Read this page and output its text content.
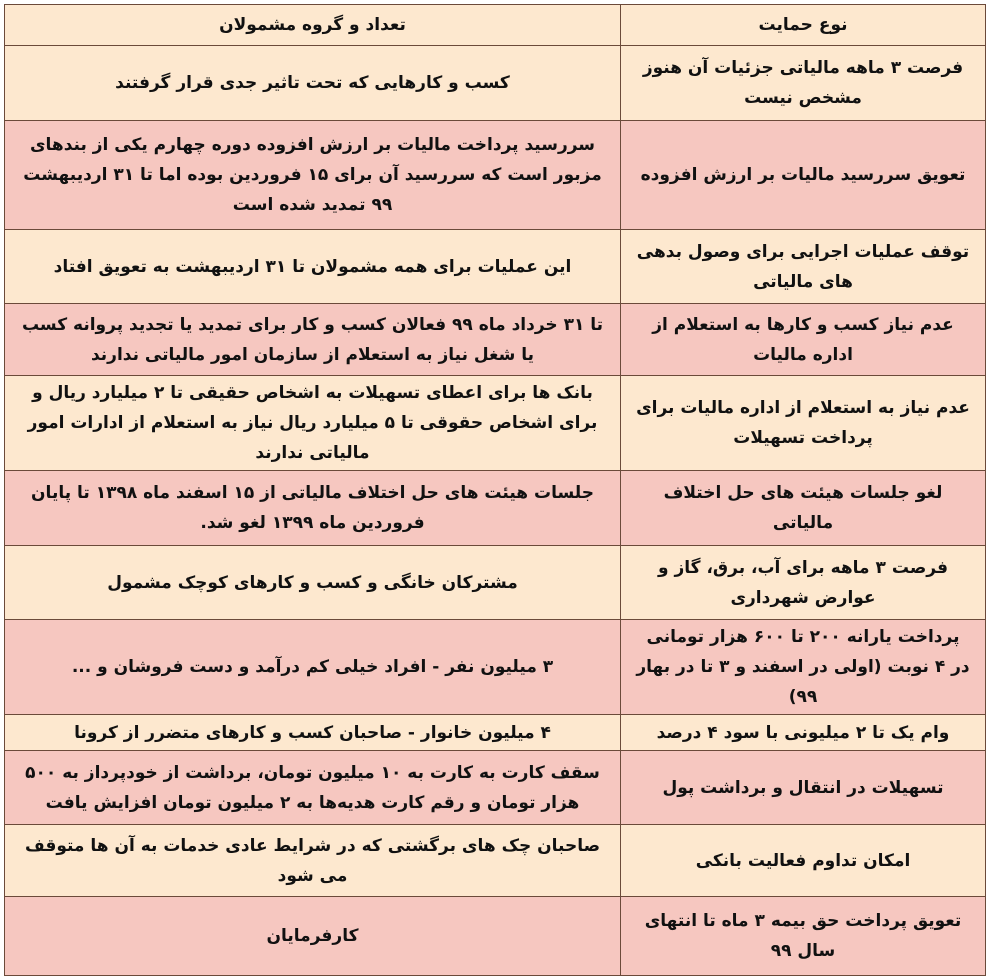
نوع حمایت	تعداد و گروه مشمولان
فرصت ۳ ماهه مالیاتی جزئیات آن هنوز مشخص نیست	کسب و کارهایی که تحت تاثیر جدی قرار گرفتند
تعویق سررسید مالیات بر ارزش افزوده	سررسید پرداخت مالیات بر ارزش افزوده دوره چهارم یکی از بندهای مزبور است که سررسید آن برای ۱۵ فروردین بوده اما تا ۳۱ اردیبهشت ۹۹ تمدید شده است
توقف عملیات اجرایی برای وصول بدهی های مالیاتی	این عملیات برای همه مشمولان تا ۳۱ اردیبهشت به تعویق افتاد
عدم نیاز کسب و کارها به استعلام از اداره مالیات	تا ۳۱ خرداد ماه ۹۹ فعالان کسب و کار برای تمدید یا تجدید پروانه کسب یا شغل نیاز به استعلام از سازمان امور مالیاتی ندارند
عدم نیاز به استعلام از اداره مالیات برای پرداخت تسهیلات	بانک ها برای اعطای تسهیلات به اشخاص حقیقی تا ۲ میلیارد ریال و برای اشخاص حقوقی تا ۵ میلیارد ریال نیاز به استعلام از ادارات امور مالیاتی ندارند
لغو جلسات هیئت های حل اختلاف مالیاتی	جلسات هیئت های حل اختلاف مالیاتی از ۱۵ اسفند ماه ۱۳۹۸ تا پایان فروردین ماه ۱۳۹۹ لغو شد.
فرصت ۳ ماهه برای آب، برق، گاز و عوارض شهرداری	مشترکان خانگی و کسب و کارهای کوچک مشمول
پرداخت یارانه ۲۰۰ تا ۶۰۰ هزار تومانی در ۴ نوبت (اولی در اسفند و ۳ تا در بهار ۹۹)	۳ میلیون نفر - افراد خیلی کم درآمد و دست فروشان و ...
وام یک تا ۲ میلیونی با سود ۴ درصد	۴ میلیون خانوار - صاحبان کسب و کارهای متضرر از کرونا
تسهیلات در انتقال و برداشت پول	سقف کارت به کارت به ۱۰ میلیون تومان، برداشت از خودپرداز به ۵۰۰ هزار تومان و رقم کارت هدیه‌ها به ۲ میلیون تومان افزایش یافت
امکان تداوم فعالیت بانکی	صاحبان چک های برگشتی که در شرایط عادی خدمات به آن ها متوقف می شود
تعویق پرداخت حق بیمه ۳ ماه تا انتهای سال ۹۹	کارفرمایان
